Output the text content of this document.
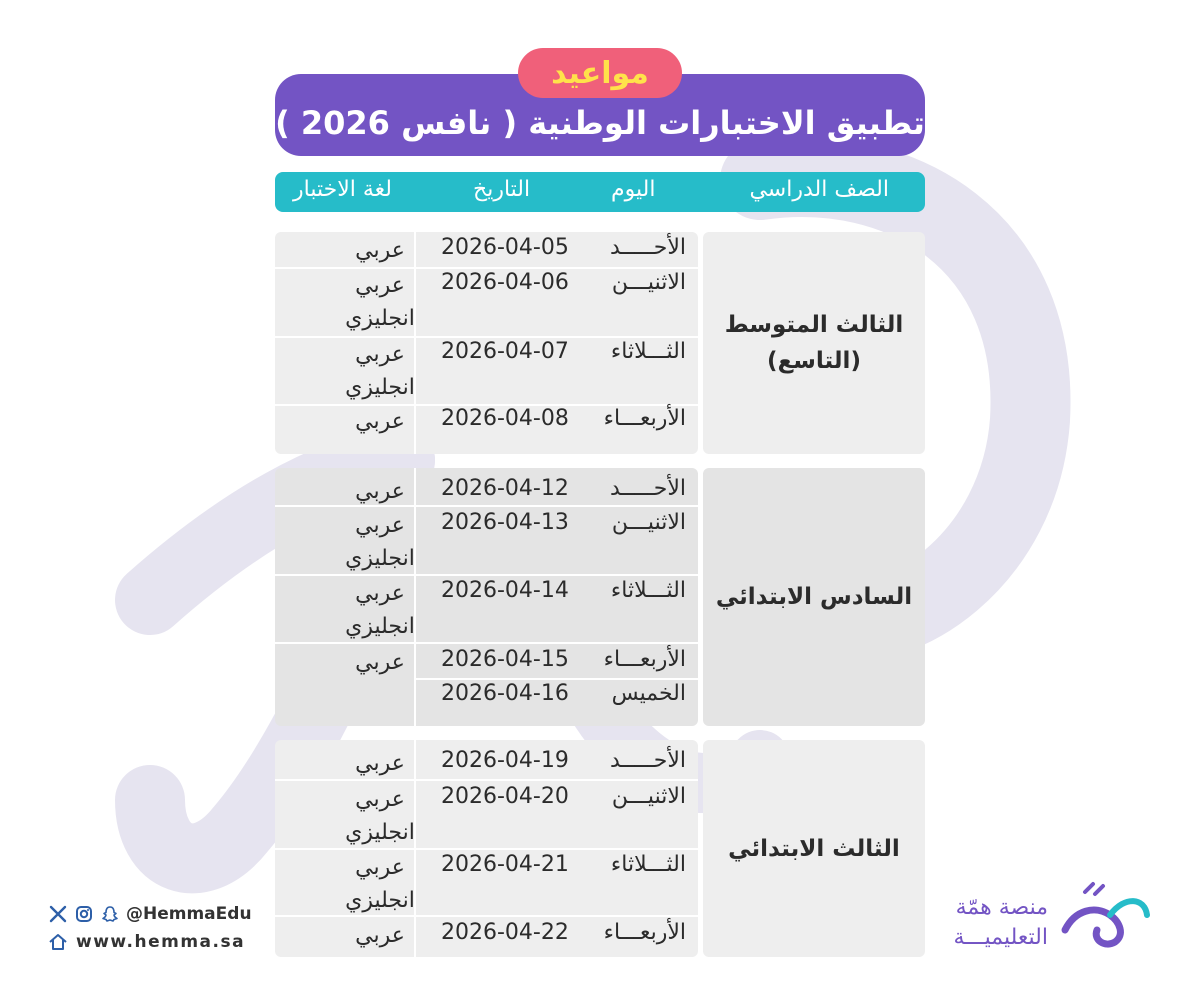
مواعيد
تطبيق الاختبارات الوطنية ( نافس 2026 )
الصف الدراسي
اليوم
التاريخ
لغة الاختبار
الثالث المتوسط
(التاسع)
الأحـــــد
2026-04-05
عربي
الاثنيـــن
2026-04-06
عربي
انجليزي
الثـــلاثاء
2026-04-07
عربي
انجليزي
الأربعـــاء
2026-04-08
عربي
السادس الابتدائي
الأحـــــد
2026-04-12
عربي
الاثنيـــن
2026-04-13
عربي
انجليزي
الثـــلاثاء
2026-04-14
عربي
انجليزي
الأربعـــاء
2026-04-15
عربي
الخميس
2026-04-16
الثالث الابتدائي
الأحـــــد
2026-04-19
عربي
الاثنيـــن
2026-04-20
عربي
انجليزي
الثـــلاثاء
2026-04-21
عربي
انجليزي
الأربعـــاء
2026-04-22
عربي
@HemmaEdu
www.hemma.sa
منصة همّة
التعليميـــة
